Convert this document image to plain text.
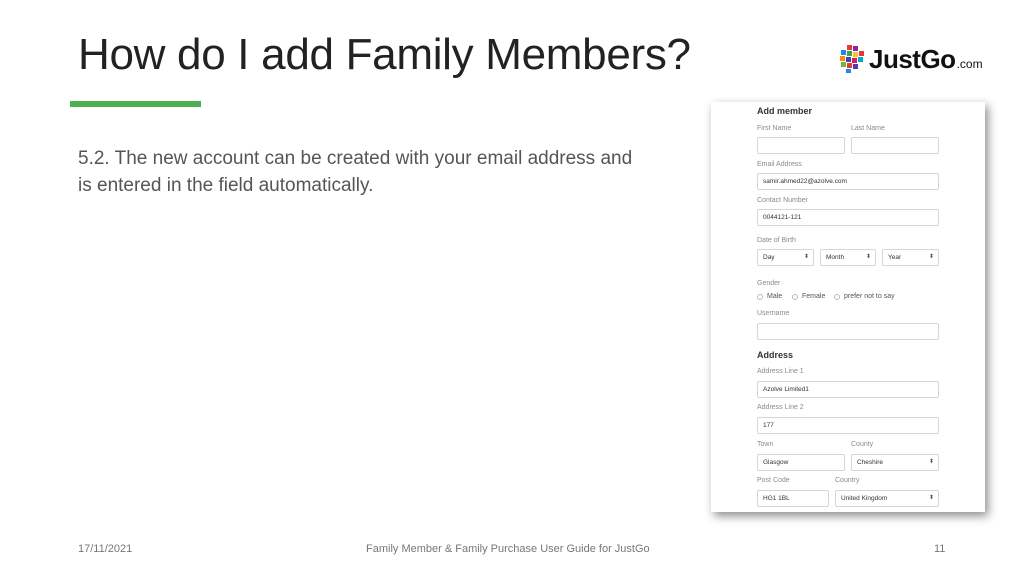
How do I add Family Members?	JustGo .com

5.2. The new account can be created with your email address and is entered in the field automatically.

Add member
First Name	Last Name
Email Address
samir.ahmed22@azolve.com
Contact Number
0044121-121
Date of Birth
Day	⬍	Month	⬍	Year	⬍
Gender
Male	Female	prefer not to say
Username
Address
Address Line 1
Azolve Limited1
Address Line 2
177
Town	County
Glasgow	Cheshire	⬍
Post Code	Country
HG1 1BL	United Kingdom	⬍
17/11/2021	Family Member & Family Purchase User Guide for JustGo	11
